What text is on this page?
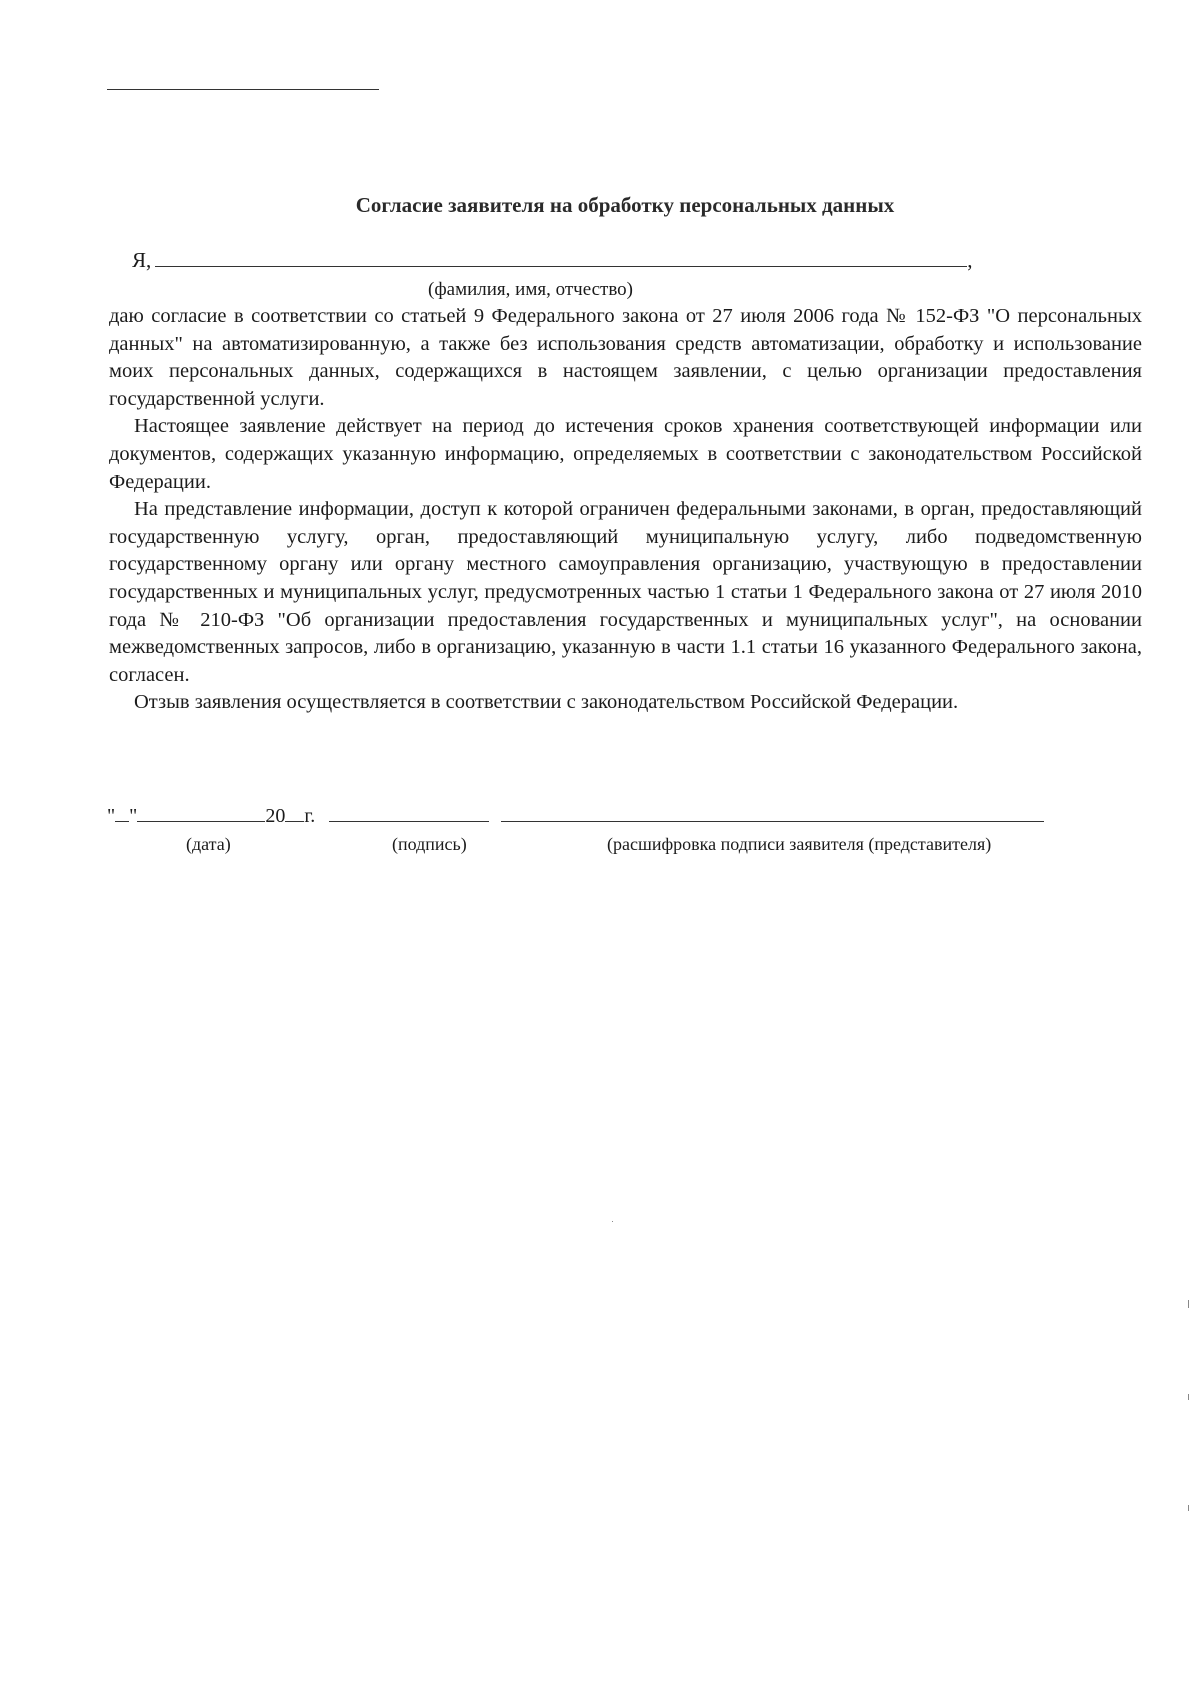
Согласие заявителя на обработку персональных данных
Я,	,
(фамилия, имя, отчество)

даю согласие в соответствии со статьей 9 Федерального закона от 27 июля 2006 года № 152-ФЗ "О персональных данных" на автоматизированную, а также без использования средств автоматизации, обработку и использование моих персональных данных, содержащихся в настоящем заявлении, с целью организации предоставления государственной услуги.

Настоящее заявление действует на период до истечения сроков хранения соответствующей информации или документов, содержащих указанную информацию, определяемых в соответствии с законодательством Российской Федерации.

На представление информации, доступ к которой ограничен федеральными законами, в орган, предоставляющий государственную услугу, орган, предоставляющий муниципальную услугу, либо подведомственную государственному органу или органу местного самоуправления организацию, участвующую в предоставлении государственных и муниципальных услуг, предусмотренных частью 1 статьи 1 Федерального закона от 27 июля 2010 года № 210-ФЗ "Об организации предоставления государственных и муниципальных услуг", на основании межведомственных запросов, либо в организацию, указанную в части 1.1 статьи 16 указанного Федерального закона, согласен.

Отзыв заявления осуществляется в соответствии с законодательством Российской Федерации.

" "	20 г.
(дата)	(подпись)	(расшифровка подписи заявителя (представителя)
